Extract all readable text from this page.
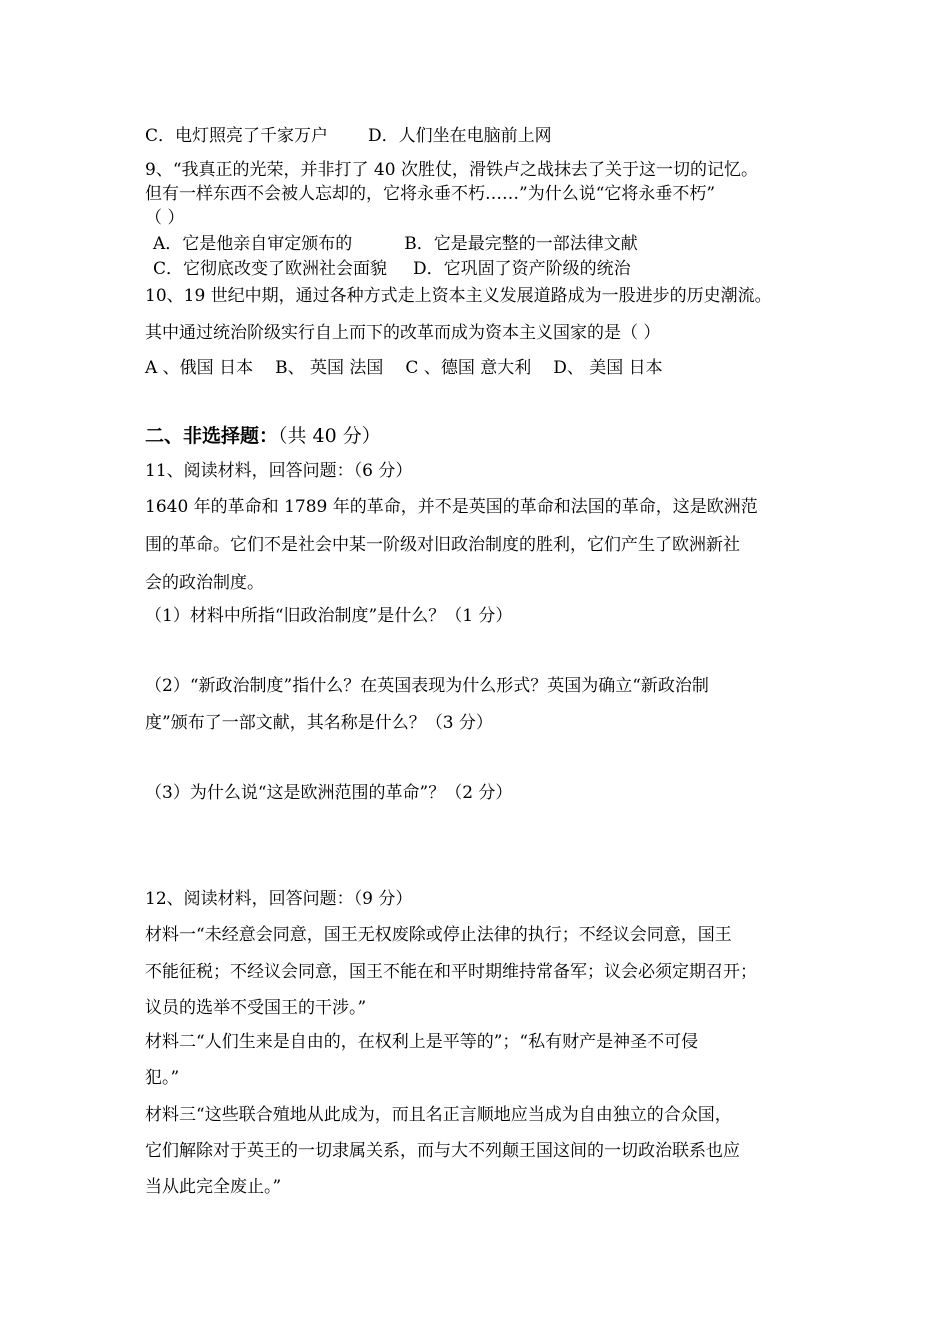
C．电灯照亮了千家万户 D．人们坐在电脑前上网
9、“我真正的光荣，并非打了 40 次胜仗，滑铁卢之战抹去了关于这一切的记忆。
但有一样东西不会被人忘却的，它将永垂不朽……”为什么说“它将永垂不朽”
（ ）
A．它是他亲自审定颁布的	B．它是最完整的一部法律文献
C．它彻底改变了欧洲社会面貌 D．它巩固了资产阶级的统治
10、19 世纪中期，通过各种方式走上资本主义发展道路成为一股进步的历史潮流。
其中通过统治阶级实行自上而下的改革而成为资本主义国家的是（ ）
A 、俄国 日本 B、 英国 法国 C 、德国 意大利 D、 美国 日本
二、非选择题：（共 40 分）
11、阅读材料，回答问题：（6 分）
1640 年的革命和 1789 年的革命，并不是英国的革命和法国的革命，这是欧洲范
围的革命。它们不是社会中某一阶级对旧政治制度的胜利，它们产生了欧洲新社
会的政治制度。
（1）材料中所指“旧政治制度”是什么？（1 分）
（2）“新政治制度”指什么？在英国表现为什么形式？英国为确立“新政治制
度”颁布了一部文献，其名称是什么？（3 分）
（3）为什么说“这是欧洲范围的革命”？（2 分）
12、阅读材料，回答问题：（9 分）
材料一“未经意会同意，国王无权废除或停止法律的执行；不经议会同意，国王
不能征税；不经议会同意，国王不能在和平时期维持常备军；议会必须定期召开；
议员的选举不受国王的干涉。”
材料二“人们生来是自由的，在权利上是平等的”；“私有财产是神圣不可侵
犯。”
材料三“这些联合殖地从此成为，而且名正言顺地应当成为自由独立的合众国，
它们解除对于英王的一切隶属关系，而与大不列颠王国这间的一切政治联系也应
当从此完全废止。”
